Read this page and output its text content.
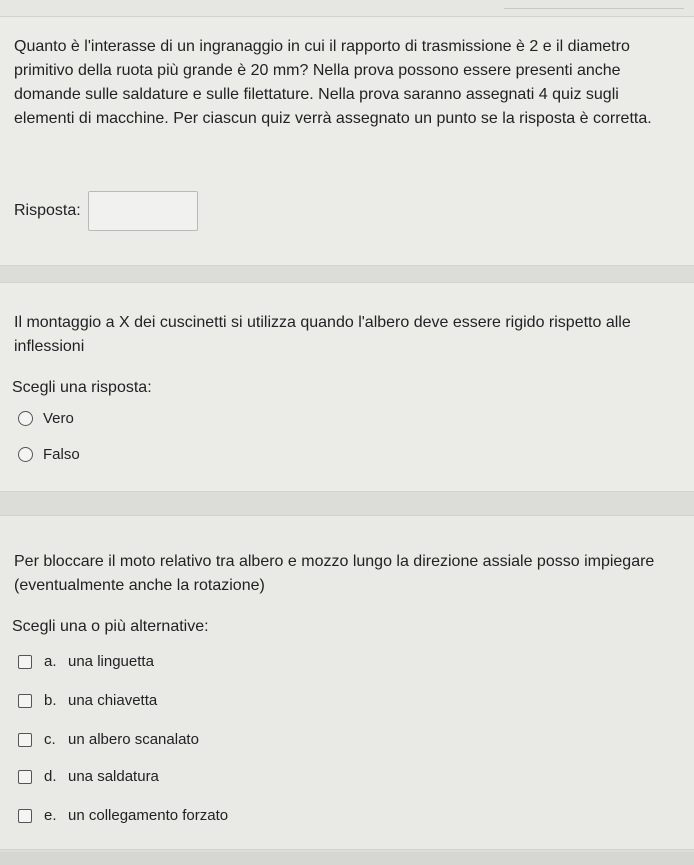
Quanto è l'interasse di un ingranaggio in cui il rapporto di trasmissione è 2 e il diametro primitivo della ruota più grande è 20 mm? Nella prova possono essere presenti anche domande sulle saldature e sulle filettature. Nella prova saranno assegnati 4 quiz sugli elementi di macchine. Per ciascun quiz verrà assegnato un punto se la risposta è corretta.

Risposta:

Il montaggio a X dei cuscinetti si utilizza quando l'albero deve essere rigido rispetto alle inflessioni

Scegli una risposta:
Vero
Falso

Per bloccare il moto relativo tra albero e mozzo lungo la direzione assiale posso impiegare (eventualmente anche la rotazione)

Scegli una o più alternative:
a. una linguetta
b. una chiavetta
c. un albero scanalato
d. una saldatura
e. un collegamento forzato
